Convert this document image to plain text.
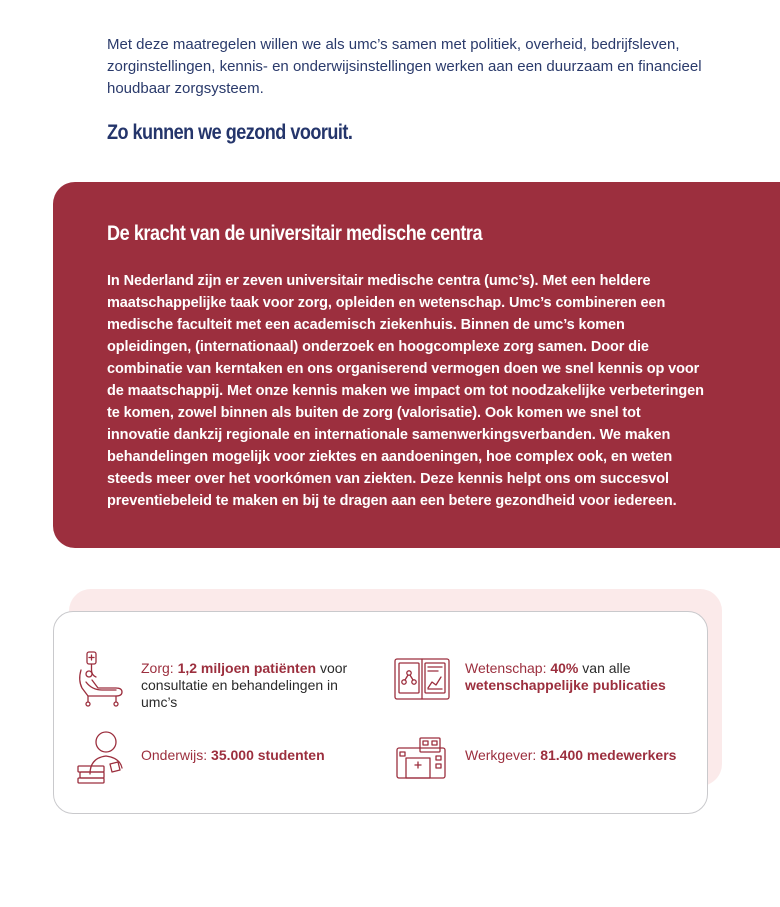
Met deze maatregelen willen we als umc’s samen met politiek, overheid, bedrijfsleven, zorginstellingen, kennis- en onderwijsinstellingen werken aan een duurzaam en financieel houdbaar zorgsysteem.

Zo kunnen we gezond vooruit.
De kracht van de universitair medische centra

In Nederland zijn er zeven universitair medische centra (umc’s). Met een heldere maatschappelijke taak voor zorg, opleiden en wetenschap. Umc’s combineren een medische faculteit met een academisch ziekenhuis. Binnen de umc’s komen opleidingen, (internationaal) onderzoek en hoogcomplexe zorg samen. Door die combinatie van kerntaken en ons organiserend vermogen doen we snel kennis op voor de maatschappij. Met onze kennis maken we impact om tot noodzakelijke verbeteringen te komen, zowel binnen als buiten de zorg (valorisatie). Ook komen we snel tot innovatie dankzij regionale en internationale samenwerkingsverbanden. We maken behandelingen mogelijk voor ziektes en aandoeningen, hoe complex ook, en weten steeds meer over het voorkómen van ziekten. Deze kennis helpt ons om succesvol preventiebeleid te maken en bij te dragen aan een betere gezondheid voor iedereen.

Zorg: 1,2 miljoen patiënten voor consultatie en behandelingen in umc’s

Wetenschap: 40% van alle
wetenschappelijke publicaties

Onderwijs: 35.000 studenten	Werkgever: 81.400 medewerkers
